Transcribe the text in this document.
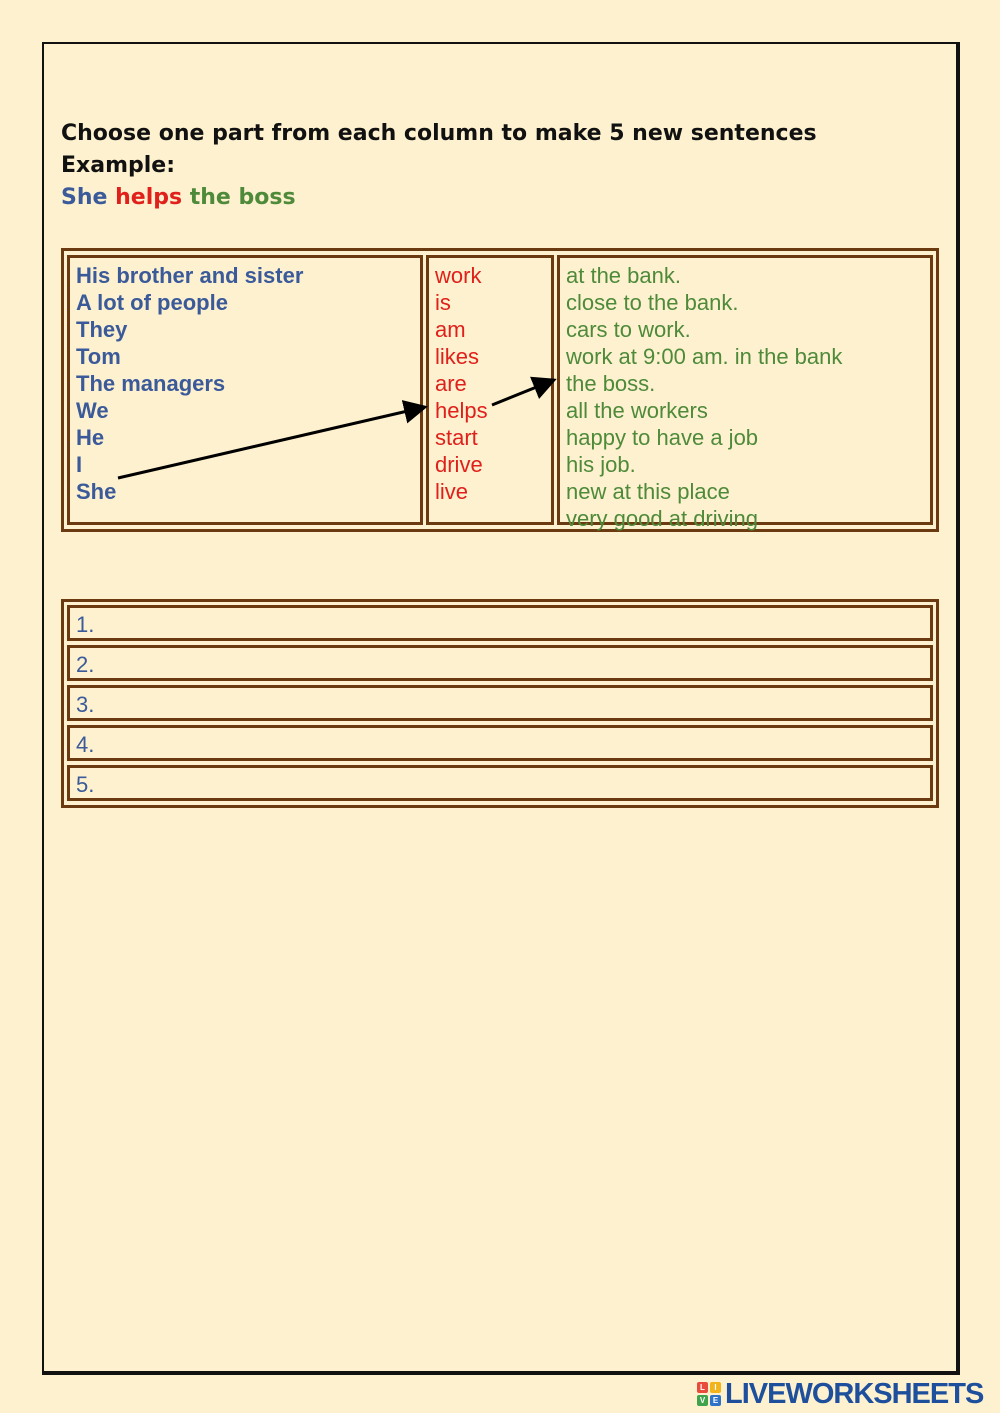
Choose one part from each column to make 5 new sentences
Example:
She helps the boss
His brother and sister
A lot of people
They
Tom
The managers
We
He
I
She
work
is
am
likes
are
helps
start
drive
live
at the bank.
close to the bank.
cars to work.
work at 9:00 am. in the bank
the boss.
all the workers
happy to have a job
his job.
new at this place
very good at driving
1.
2.
3.
4.
5.
L	I
V E LIVEWORKSHEETS
